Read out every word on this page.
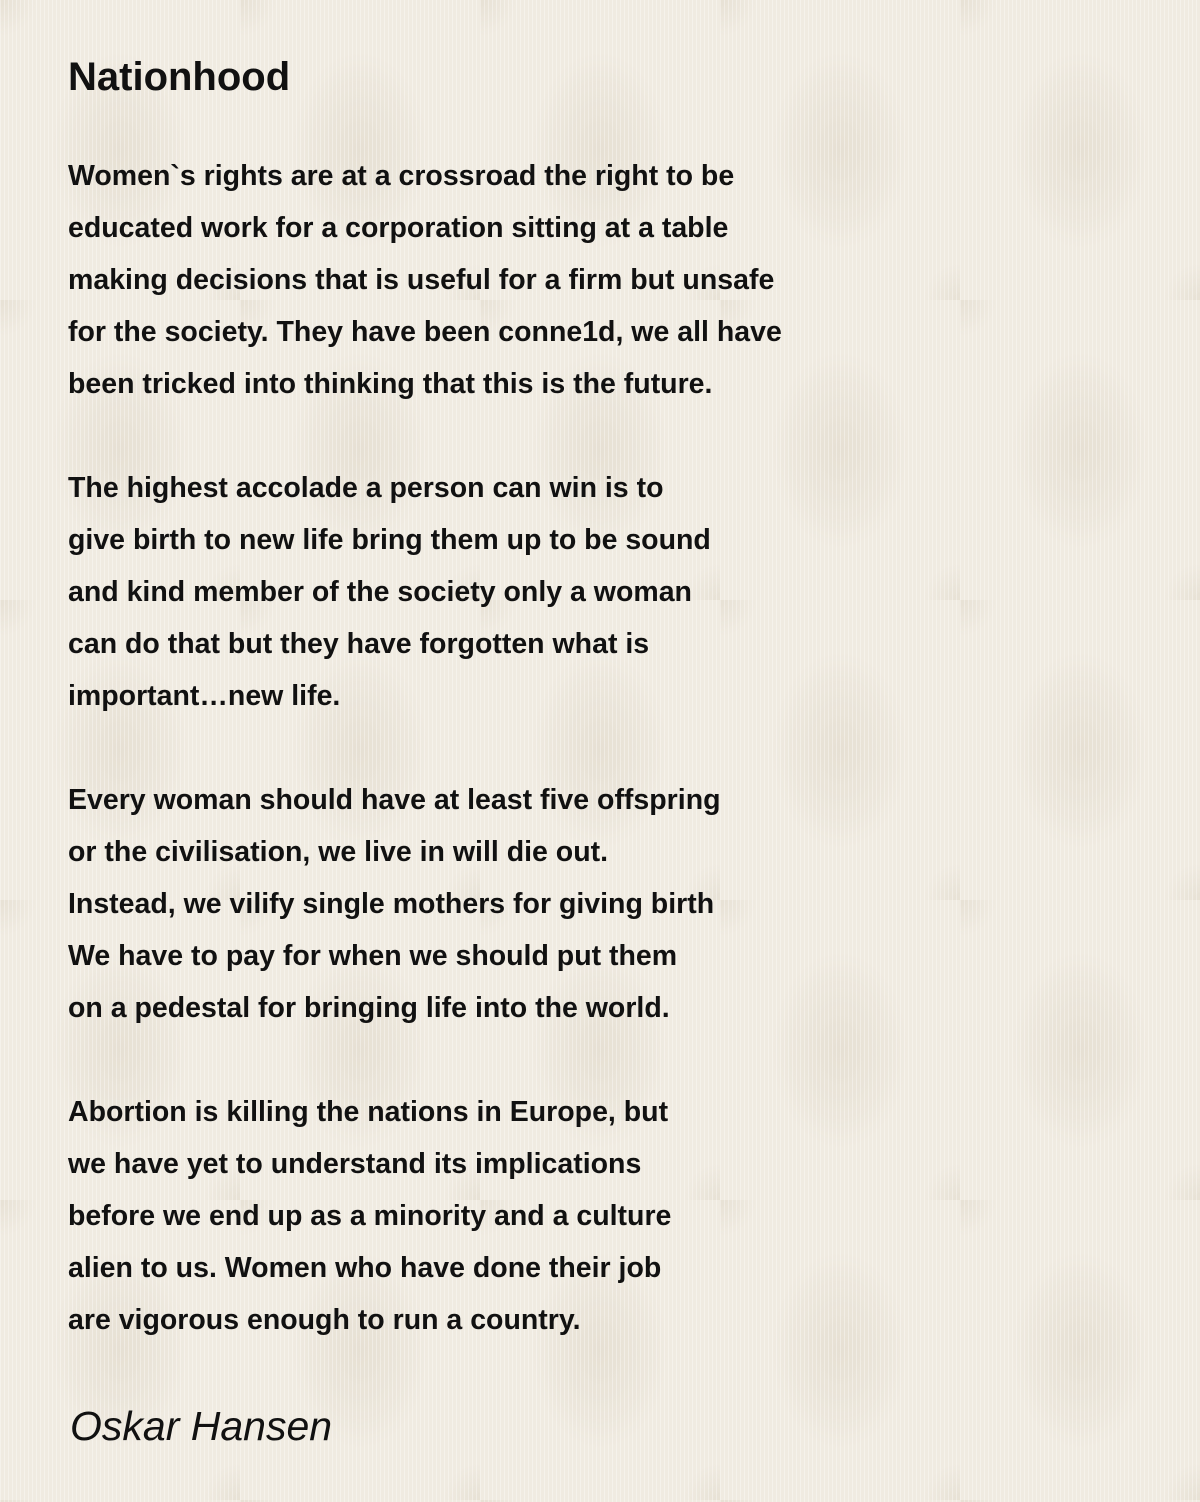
Nationhood
Women`s rights are at a crossroad the right to be
educated work for a corporation sitting at a table
making decisions that is useful for a firm but unsafe
for the society. They have been conne1d, we all have
been tricked into thinking that this is the future.
The highest accolade a person can win is to
give birth to new life bring them up to be sound
and kind member of the society only a woman
can do that but they have forgotten what is
important…new life.
Every woman should have at least five offspring
or the civilisation, we live in will die out.
Instead, we vilify single mothers for giving birth
We have to pay for when we should put them
on a pedestal for bringing life into the world.
Abortion is killing the nations in Europe, but
we have yet to understand its implications
before we end up as a minority and a culture
alien to us. Women who have done their job
are vigorous enough to run a country.
Oskar Hansen
